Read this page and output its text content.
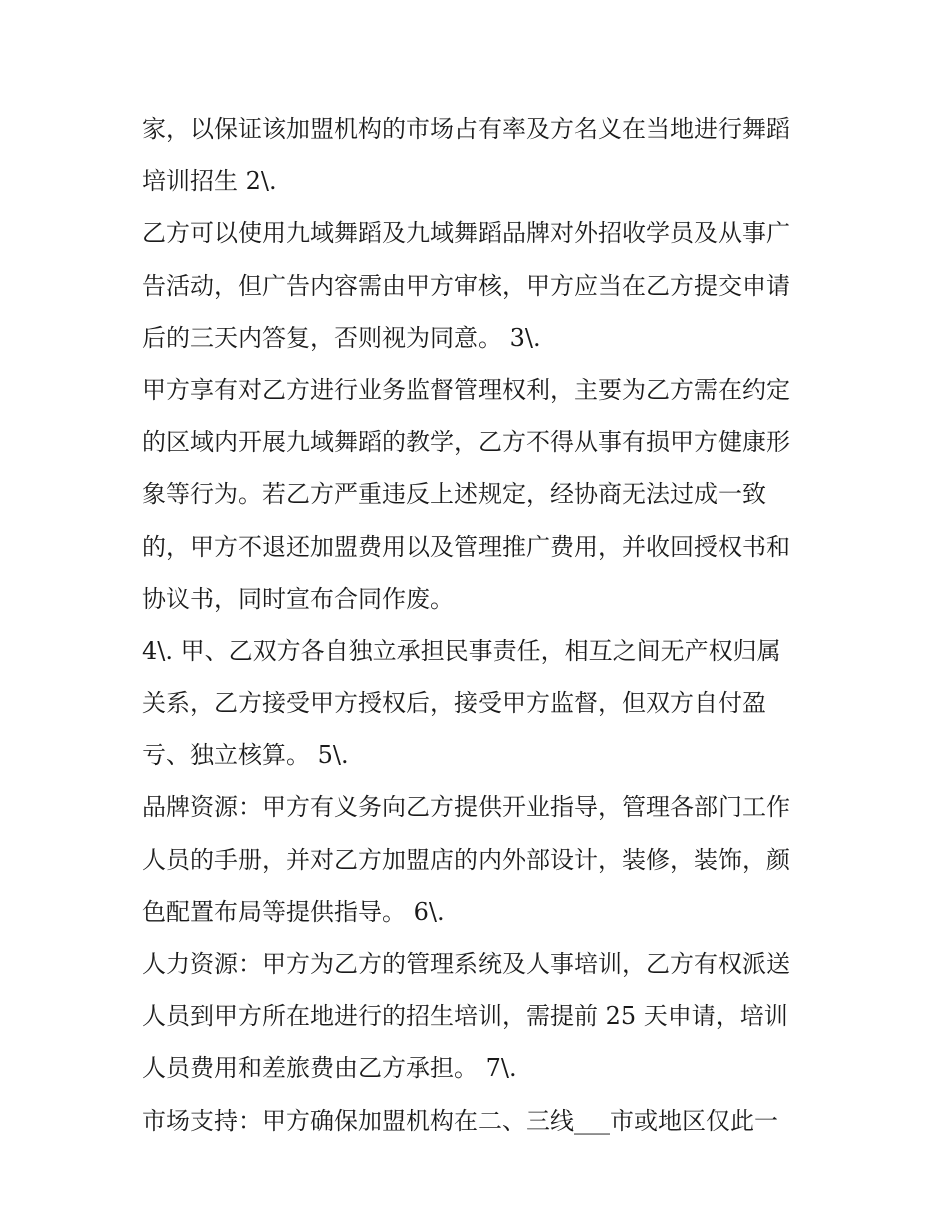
家，以保证该加盟机构的市场占有率及方名义在当地进行舞蹈
培训招生 2\.
乙方可以使用九域舞蹈及九域舞蹈品牌对外招收学员及从事广
告活动，但广告内容需由甲方审核，甲方应当在乙方提交申请
后的三天内答复，否则视为同意。 3\.
甲方享有对乙方进行业务监督管理权利，主要为乙方需在约定
的区域内开展九域舞蹈的教学，乙方不得从事有损甲方健康形
象等行为。若乙方严重违反上述规定，经协商无法过成一致
的，甲方不退还加盟费用以及管理推广费用，并收回授权书和
协议书，同时宣布合同作废。
4\. 甲、乙双方各自独立承担民事责任，相互之间无产权归属
关系，乙方接受甲方授权后，接受甲方监督，但双方自付盈
亏、独立核算。 5\.
品牌资源：甲方有义务向乙方提供开业指导，管理各部门工作
人员的手册，并对乙方加盟店的内外部设计，装修，装饰，颜
色配置布局等提供指导。 6\.
人力资源：甲方为乙方的管理系统及人事培训，乙方有权派送
人员到甲方所在地进行的招生培训，需提前 25 天申请，培训
人员费用和差旅费由乙方承担。 7\.
市场支持：甲方确保加盟机构在二、三线___市或地区仅此一
